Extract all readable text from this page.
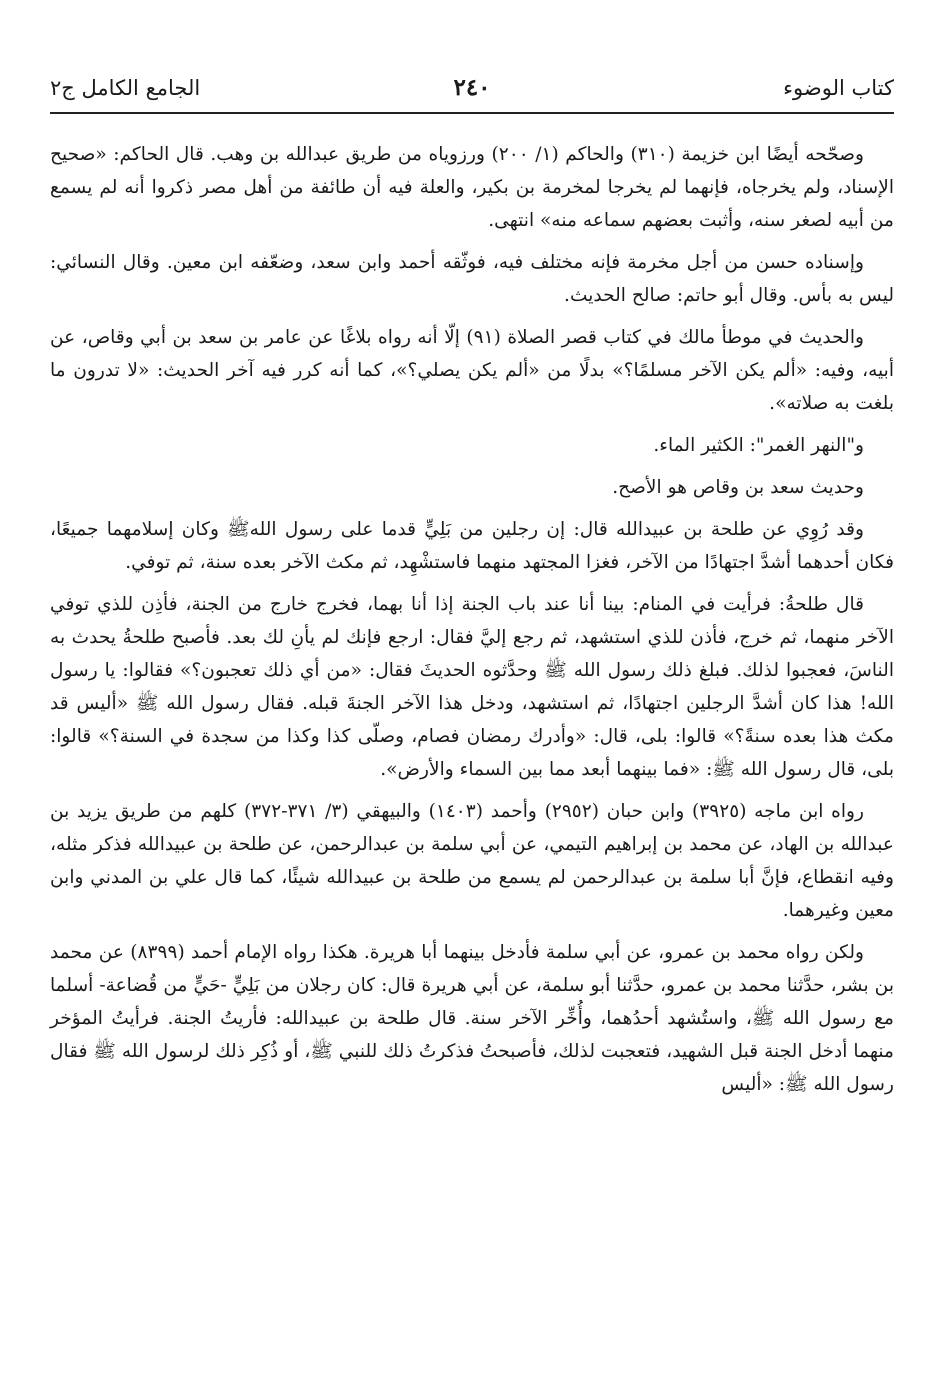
كتاب الوضوء
٢٤٠
الجامع الكامل ج٢

وصحّحه أيضًا ابن خزيمة (٣١٠) والحاكم (١/ ٢٠٠) ورزوياه من طريق عبدالله بن وهب. قال الحاكم: «صحيح الإسناد، ولم يخرجاه، فإنهما لم يخرجا لمخرمة بن بكير، والعلة فيه أن طائفة من أهل مصر ذكروا أنه لم يسمع من أبيه لصغر سنه، وأثبت بعضهم سماعه منه» انتهى.

وإسناده حسن من أجل مخرمة فإنه مختلف فيه، فوثّقه أحمد وابن سعد، وضعّفه ابن معين. وقال النسائي: ليس به بأس. وقال أبو حاتم: صالح الحديث.

والحديث في موطأ مالك في كتاب قصر الصلاة (٩١) إلّا أنه رواه بلاغًا عن عامر بن سعد بن أبي وقاص، عن أبيه، وفيه: «ألم يكن الآخر مسلمًا؟» بدلًا من «ألم يكن يصلي؟»، كما أنه كرر فيه آخر الحديث: «لا تدرون ما بلغت به صلاته».

و"النهر الغمر": الكثير الماء.

وحديث سعد بن وقاص هو الأصح.

وقد رُوِي عن طلحة بن عبيدالله قال: إن رجلين من بَلِيٍّ قدما على رسول اللهﷺ وكان إسلامهما جميعًا، فكان أحدهما أشدَّ اجتهادًا من الآخر، فغزا المجتهد منهما فاستشْهِد، ثم مكث الآخر بعده سنة، ثم توفي.

قال طلحةُ: فرأيت في المنام: بينا أنا عند باب الجنة إذا أنا بهما، فخرج خارج من الجنة، فأذِن للذي توفي الآخر منهما، ثم خرج، فأذن للذي استشهد، ثم رجع إليَّ فقال: ارجع فإنك لم يأنِ لك بعد. فأصبح طلحةُ يحدث به الناسَ، فعجبوا لذلك. فبلغ ذلك رسول الله ﷺ وحدَّثوه الحديثَ فقال: «من أي ذلك تعجبون؟» فقالوا: يا رسول الله! هذا كان أشدَّ الرجلين اجتهادًا، ثم استشهد، ودخل هذا الآخر الجنةَ قبله. فقال رسول الله ﷺ «أليس قد مكث هذا بعده سنةً؟» قالوا: بلى، قال: «وأدرك رمضان فصام، وصلّى كذا وكذا من سجدة في السنة؟» قالوا: بلى، قال رسول الله ﷺ: «فما بينهما أبعد مما بين السماء والأرض».

رواه ابن ماجه (٣٩٢٥) وابن حبان (٢٩٥٢) وأحمد (١٤٠٣) والبيهقي (٣/ ٣٧١-٣٧٢) كلهم من طريق يزيد بن عبدالله بن الهاد، عن محمد بن إبراهيم التيمي، عن أبي سلمة بن عبدالرحمن، عن طلحة بن عبيدالله فذكر مثله، وفيه انقطاع، فإنَّ أبا سلمة بن عبدالرحمن لم يسمع من طلحة بن عبيدالله شيئًا، كما قال علي بن المدني وابن معين وغيرهما.

ولكن رواه محمد بن عمرو، عن أبي سلمة فأدخل بينهما أبا هريرة. هكذا رواه الإمام أحمد (٨٣٩٩) عن محمد بن بشر، حدَّثنا محمد بن عمرو، حدَّثنا أبو سلمة، عن أبي هريرة قال: كان رجلان من بَلِيٍّ -حَيٍّ من قُضاعة- أسلما مع رسول الله ﷺ، واستُشهد أحدُهما، وأُخِّر الآخر سنة. قال طلحة بن عبيدالله: فأريتُ الجنة. فرأيتُ المؤخر منهما أدخل الجنة قبل الشهيد، فتعجبت لذلك، فأصبحتُ فذكرتُ ذلك للنبي ﷺ، أو ذُكِر ذلك لرسول الله ﷺ فقال رسول الله ﷺ: «أليس
